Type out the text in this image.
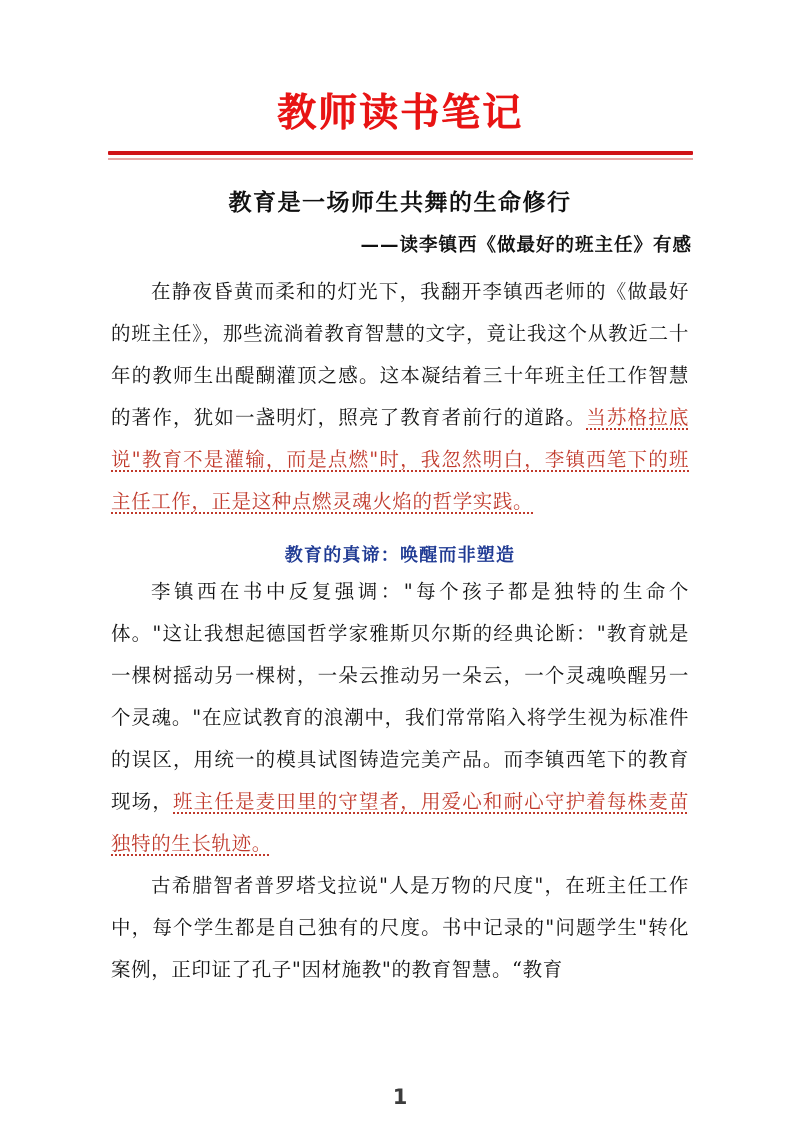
教师读书笔记
教育是一场师生共舞的生命修行
——读李镇西《做最好的班主任》有感

在静夜昏黄而柔和的灯光下，我翻开李镇西老师的《做最好的班主任》，那些流淌着教育智慧的文字，竟让我这个从教近二十年的教师生出醍醐灌顶之感。这本凝结着三十年班主任工作智慧的著作，犹如一盏明灯，照亮了教育者前行的道路。当苏格拉底说"教育不是灌输，而是点燃"时，我忽然明白，李镇西笔下的班主任工作，正是这种点燃灵魂火焰的哲学实践。

教育的真谛：唤醒而非塑造

李镇西在书中反复强调："每个孩子都是独特的生命个体。"这让我想起德国哲学家雅斯贝尔斯的经典论断："教育就是一棵树摇动另一棵树，一朵云推动另一朵云，一个灵魂唤醒另一个灵魂。"在应试教育的浪潮中，我们常常陷入将学生视为标准件的误区，用统一的模具试图铸造完美产品。而李镇西笔下的教育现场，班主任是麦田里的守望者，用爱心和耐心守护着每株麦苗独特的生长轨迹。

古希腊智者普罗塔戈拉说"人是万物的尺度"，在班主任工作中，每个学生都是自己独有的尺度。书中记录的"问题学生"转化案例，正印证了孔子"因材施教"的教育智慧。“教育

1
